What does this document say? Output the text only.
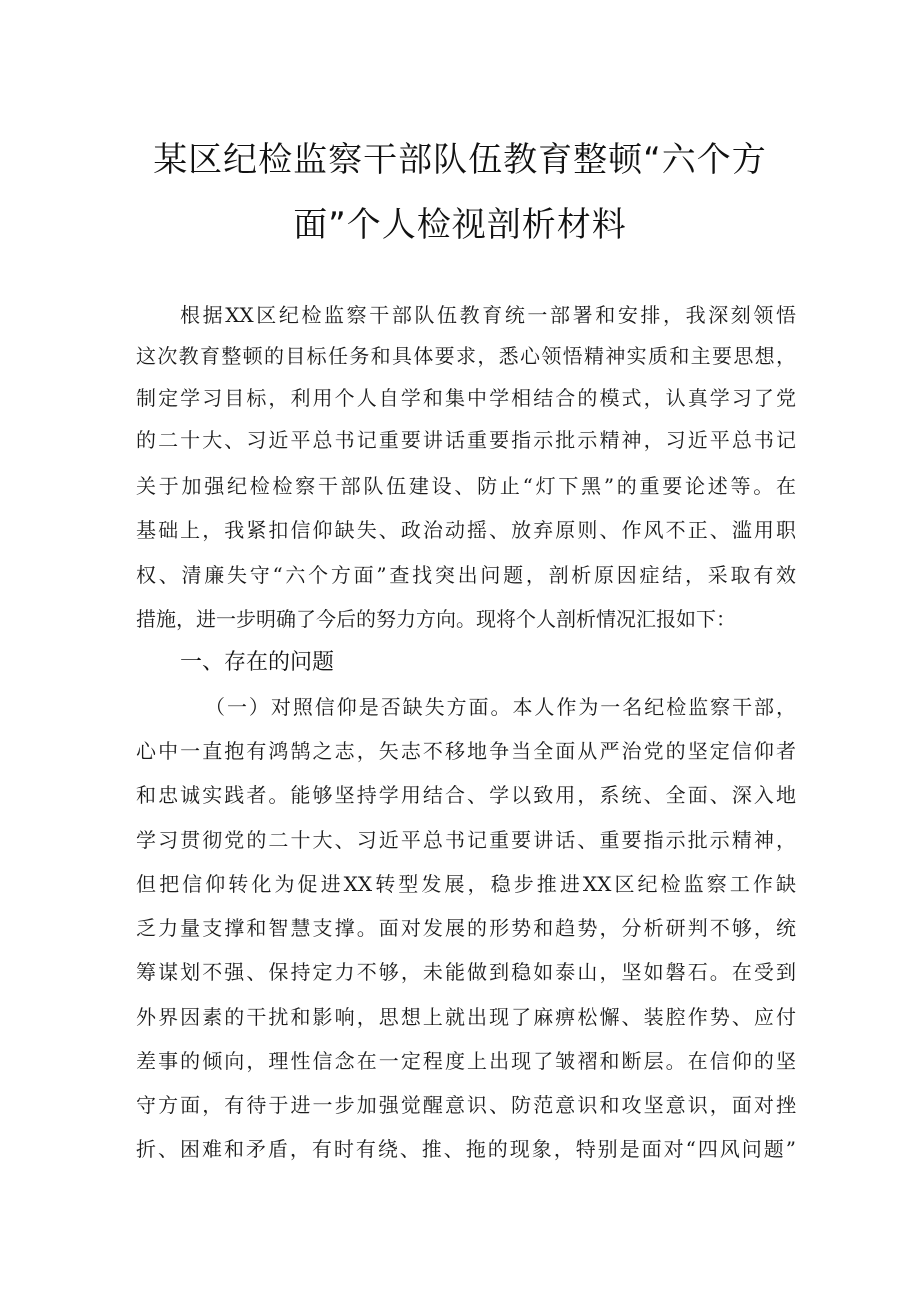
某区纪检监察干部队伍教育整顿“六个方
面”个人检视剖析材料
根据XX区纪检监察干部队伍教育统一部署和安排，我深刻领悟
这次教育整顿的目标任务和具体要求，悉心领悟精神实质和主要思想，
制定学习目标，利用个人自学和集中学相结合的模式，认真学习了党
的二十大、习近平总书记重要讲话重要指示批示精神，习近平总书记
关于加强纪检检察干部队伍建设、防止“灯下黑”的重要论述等。在
基础上，我紧扣信仰缺失、政治动摇、放弃原则、作风不正、滥用职
权、清廉失守“六个方面”查找突出问题，剖析原因症结，采取有效
措施，进一步明确了今后的努力方向。现将个人剖析情况汇报如下：
一、存在的问题
（一）对照信仰是否缺失方面。本人作为一名纪检监察干部，
心中一直抱有鸿鹄之志，矢志不移地争当全面从严治党的坚定信仰者
和忠诚实践者。能够坚持学用结合、学以致用，系统、全面、深入地
学习贯彻党的二十大、习近平总书记重要讲话、重要指示批示精神，
但把信仰转化为促进XX转型发展，稳步推进XX区纪检监察工作缺
乏力量支撑和智慧支撑。面对发展的形势和趋势，分析研判不够，统
筹谋划不强、保持定力不够，未能做到稳如泰山，坚如磐石。在受到
外界因素的干扰和影响，思想上就出现了麻痹松懈、装腔作势、应付
差事的倾向，理性信念在一定程度上出现了皱褶和断层。在信仰的坚
守方面，有待于进一步加强觉醒意识、防范意识和攻坚意识，面对挫
折、困难和矛盾，有时有绕、推、拖的现象，特别是面对“四风问题”
